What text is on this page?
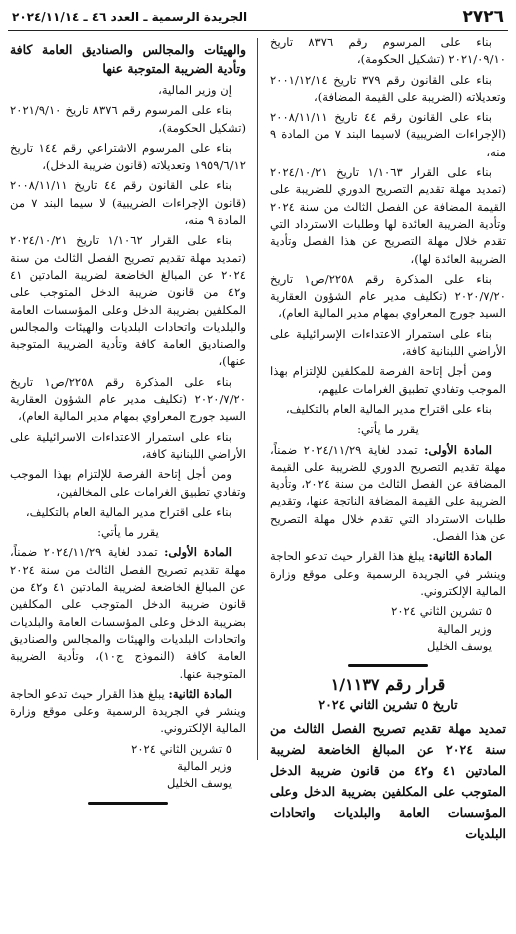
٢٧٢٦
الجريدة الرسمية ـ العدد ٤٦ ـ ٢٠٢٤/١١/١٤

بناء على المرسوم رقم ٨٣٧٦ تاريخ ٢٠٢١/٠٩/١٠ (تشكيل الحكومة)،

بناء على القانون رقم ٣٧٩ تاريخ ٢٠٠١/١٢/١٤ وتعديلاته (الضريبة على القيمة المضافة)،

بناء على القانون رقم ٤٤ تاريخ ٢٠٠٨/١١/١١ (الإجراءات الضريبية) لاسيما البند ٧ من المادة ٩ منه،

بناء على القرار ١/١٠٦٣ تاريخ ٢٠٢٤/١٠/٢١ (تمديد مهلة تقديم التصريح الدوري للضريبة على القيمة المضافة عن الفصل الثالث من سنة ٢٠٢٤ وتأدية الضريبة العائدة لها وطلبات الاسترداد التي تقدم خلال مهلة التصريح عن هذا الفصل وتأدية الضريبة العائدة لها)،

بناء على المذكرة رقم ٢٢٥٨/ص١ تاريخ ٢٠٢٠/٧/٢٠ (تكليف مدير عام الشؤون العقارية السيد جورج المعراوي بمهام مدير المالية العام)،

بناء على استمرار الاعتداءات الإسرائيلية على الأراضي اللبنانية كافة،

ومن أجل إتاحة الفرصة للمكلفين للإلتزام بهذا الموجب وتفادي تطبيق الغرامات عليهم،

بناء على اقتراح مدير المالية العام بالتكليف،

يقرر ما يأتي:

المادة الأولى: تمدد لغاية ٢٠٢٤/١١/٢٩ ضمناً، مهلة تقديم التصريح الدوري للضريبة على القيمة المضافة عن الفصل الثالث من سنة ٢٠٢٤، وتأدية الضريبة على القيمة المضافة الناتجة عنها، وتقديم طلبات الاسترداد التي تقدم خلال مهلة التصريح عن هذا الفصل.

المادة الثانية: يبلغ هذا القرار حيث تدعو الحاجة وينشر في الجريدة الرسمية وعلى موقع وزارة المالية الإلكتروني.

٥ تشرين الثاني ٢٠٢٤

وزير المالية

يوسف الخليل

قرار رقم ١/١١٣٧

تاريخ ٥ تشرين الثاني ٢٠٢٤

تمديد مهلة تقديم تصريح الفصل الثالث من سنة ٢٠٢٤ عن المبالغ الخاضعة لضريبة المادتين ٤١ و٤٢ من قانون ضريبة الدخل المتوجب على المكلفين بضريبة الدخل وعلى المؤسسات العامة والبلديات واتحادات البلديات

والهيئات والمجالس والصناديق العامة كافة وتأدية الضريبة المتوجبة عنها

إن وزير المالية،

بناء على المرسوم رقم ٨٣٧٦ تاريخ ٢٠٢١/٩/١٠ (تشكيل الحكومة)،

بناء على المرسوم الاشتراعي رقم ١٤٤ تاريخ ١٩٥٩/٦/١٢ وتعديلاته (قانون ضريبة الدخل)،

بناء على القانون رقم ٤٤ تاريخ ٢٠٠٨/١١/١١ (قانون الإجراءات الضريبية) لا سيما البند ٧ من المادة ٩ منه،

بناء على القرار ١/١٠٦٢ تاريخ ٢٠٢٤/١٠/٢١ (تمديد مهلة تقديم تصريح الفصل الثالث من سنة ٢٠٢٤ عن المبالغ الخاضعة لضريبة المادتين ٤١ و٤٢ من قانون ضريبة الدخل المتوجب على المكلفين بضريبة الدخل وعلى المؤسسات العامة والبلديات واتحادات البلديات والهيئات والمجالس والصناديق العامة كافة وتأدية الضريبة المتوجبة عنها)،

بناء على المذكرة رقم ٢٢٥٨/ص١ تاريخ ٢٠٢٠/٧/٢٠ (تكليف مدير عام الشؤون العقارية السيد جورج المعراوي بمهام مدير المالية العام)،

بناء على استمرار الاعتداءات الاسرائيلية على الأراضي اللبنانية كافة،

ومن أجل إتاحة الفرصة للإلتزام بهذا الموجب وتفادي تطبيق الغرامات على المخالفين،

بناء على اقتراح مدير المالية العام بالتكليف،

يقرر ما يأتي:

المادة الأولى: تمدد لغاية ٢٠٢٤/١١/٢٩ ضمناً، مهلة تقديم تصريح الفصل الثالث من سنة ٢٠٢٤ عن المبالغ الخاضعة لضريبة المادتين ٤١ و٤٢ من قانون ضريبة الدخل المتوجب على المكلفين بضريبة الدخل وعلى المؤسسات العامة والبلديات واتحادات البلديات والهيئات والمجالس والصناديق العامة كافة (النموذج ج١٠)، وتأدية الضريبة المتوجبة عنها.

المادة الثانية: يبلغ هذا القرار حيث تدعو الحاجة وينشر في الجريدة الرسمية وعلى موقع وزارة المالية الإلكتروني.

٥ تشرين الثاني ٢٠٢٤

وزير المالية

يوسف الخليل
